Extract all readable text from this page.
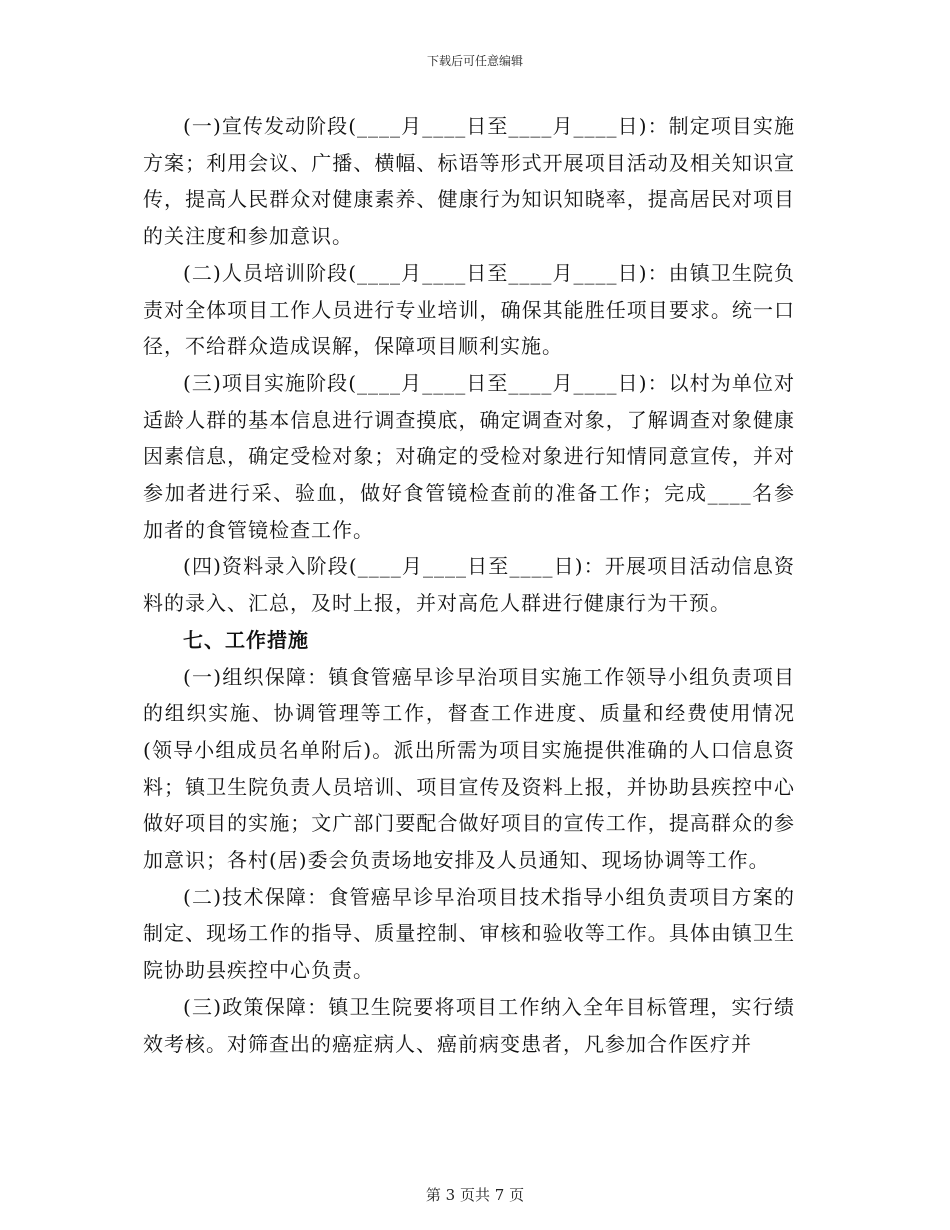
下载后可任意编辑

(一)宣传发动阶段(____月____日至____月____日)：制定项目实施方案；利用会议、广播、横幅、标语等形式开展项目活动及相关知识宣传，提高人民群众对健康素养、健康行为知识知晓率，提高居民对项目的关注度和参加意识。

(二)人员培训阶段(____月____日至____月____日)：由镇卫生院负责对全体项目工作人员进行专业培训，确保其能胜任项目要求。统一口径，不给群众造成误解，保障项目顺利实施。

(三)项目实施阶段(____月____日至____月____日)：以村为单位对适龄人群的基本信息进行调查摸底，确定调查对象，了解调查对象健康因素信息，确定受检对象；对确定的受检对象进行知情同意宣传，并对参加者进行采、验血，做好食管镜检查前的准备工作；完成____名参加者的食管镜检查工作。

(四)资料录入阶段(____月____日至____日)：开展项目活动信息资料的录入、汇总，及时上报，并对高危人群进行健康行为干预。

七、工作措施

(一)组织保障：镇食管癌早诊早治项目实施工作领导小组负责项目的组织实施、协调管理等工作，督查工作进度、质量和经费使用情况(领导小组成员名单附后)。派出所需为项目实施提供准确的人口信息资料；镇卫生院负责人员培训、项目宣传及资料上报，并协助县疾控中心做好项目的实施；文广部门要配合做好项目的宣传工作，提高群众的参加意识；各村(居)委会负责场地安排及人员通知、现场协调等工作。

(二)技术保障：食管癌早诊早治项目技术指导小组负责项目方案的制定、现场工作的指导、质量控制、审核和验收等工作。具体由镇卫生院协助县疾控中心负责。

(三)政策保障：镇卫生院要将项目工作纳入全年目标管理，实行绩效考核。对筛查出的癌症病人、癌前病变患者，凡参加合作医疗并

第 3 页共 7 页
